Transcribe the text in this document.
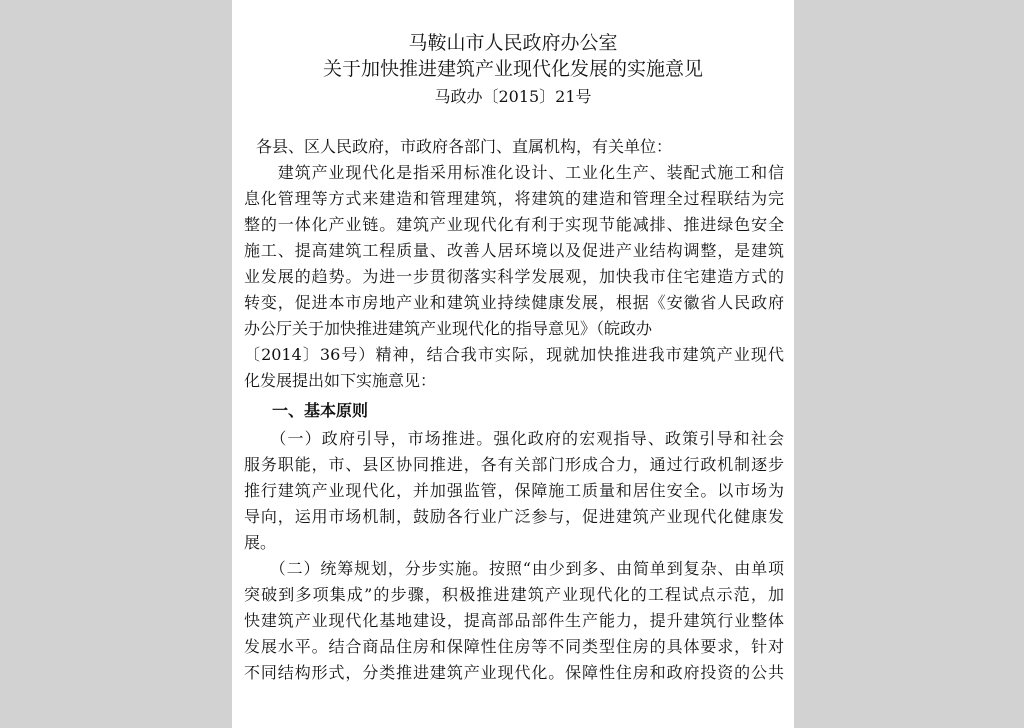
马鞍山市人民政府办公室
关于加快推进建筑产业现代化发展的实施意见
马政办〔2015〕21号
各县、区人民政府，市政府各部门、直属机构，有关单位：
　　建筑产业现代化是指采用标准化设计、工业化生产、装配式施工和信
息化管理等方式来建造和管理建筑，将建筑的建造和管理全过程联结为完
整的一体化产业链。建筑产业现代化有利于实现节能减排、推进绿色安全
施工、提高建筑工程质量、改善人居环境以及促进产业结构调整，是建筑
业发展的趋势。为进一步贯彻落实科学发展观，加快我市住宅建造方式的
转变，促进本市房地产业和建筑业持续健康发展，根据《安徽省人民政府
办公厅关于加快推进建筑产业现代化的指导意见》（皖政办
〔2014〕36号）精神，结合我市实际，现就加快推进我市建筑产业现代
化发展提出如下实施意见：
一、基本原则
　　（一）政府引导，市场推进。强化政府的宏观指导、政策引导和社会
服务职能，市、县区协同推进，各有关部门形成合力，通过行政机制逐步
推行建筑产业现代化，并加强监管，保障施工质量和居住安全。以市场为
导向，运用市场机制，鼓励各行业广泛参与，促进建筑产业现代化健康发
展。
　　（二）统筹规划，分步实施。按照“由少到多、由简单到复杂、由单项
突破到多项集成”的步骤，积极推进建筑产业现代化的工程试点示范，加
快建筑产业现代化基地建设，提高部品部件生产能力，提升建筑行业整体
发展水平。结合商品住房和保障性住房等不同类型住房的具体要求，针对
不同结构形式，分类推进建筑产业现代化。保障性住房和政府投资的公共
